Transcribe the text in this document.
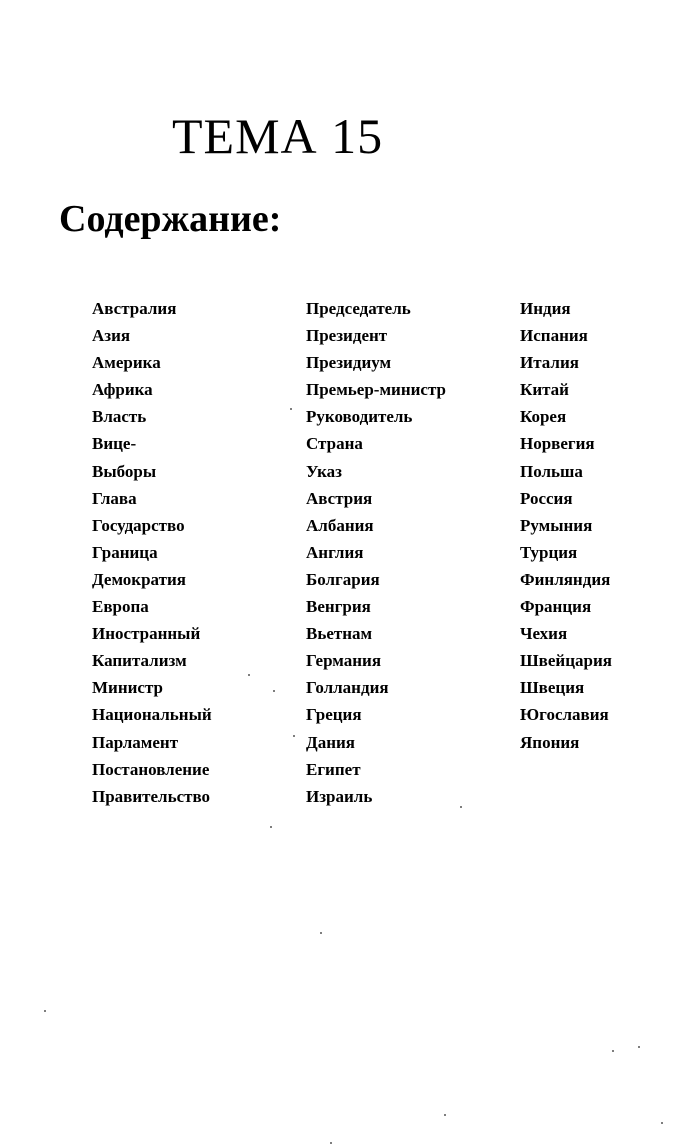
ТЕМА 15
Содержание:
Австралия
Азия
Америка
Африка
Власть
Вице-
Выборы
Глава
Государство
Граница
Демократия
Европа
Иностранный
Капитализм
Министр
Национальный
Парламент
Постановление
Правительство
Председатель
Президент
Президиум
Премьер-министр
Руководитель
Страна
Указ
Австрия
Албания
Англия
Болгария
Венгрия
Вьетнам
Германия
Голландия
Греция
Дания
Египет
Израиль
Индия
Испания
Италия
Китай
Корея
Норвегия
Польша
Россия
Румыния
Турция
Финляндия
Франция
Чехия
Швейцария
Швеция
Югославия
Япония
